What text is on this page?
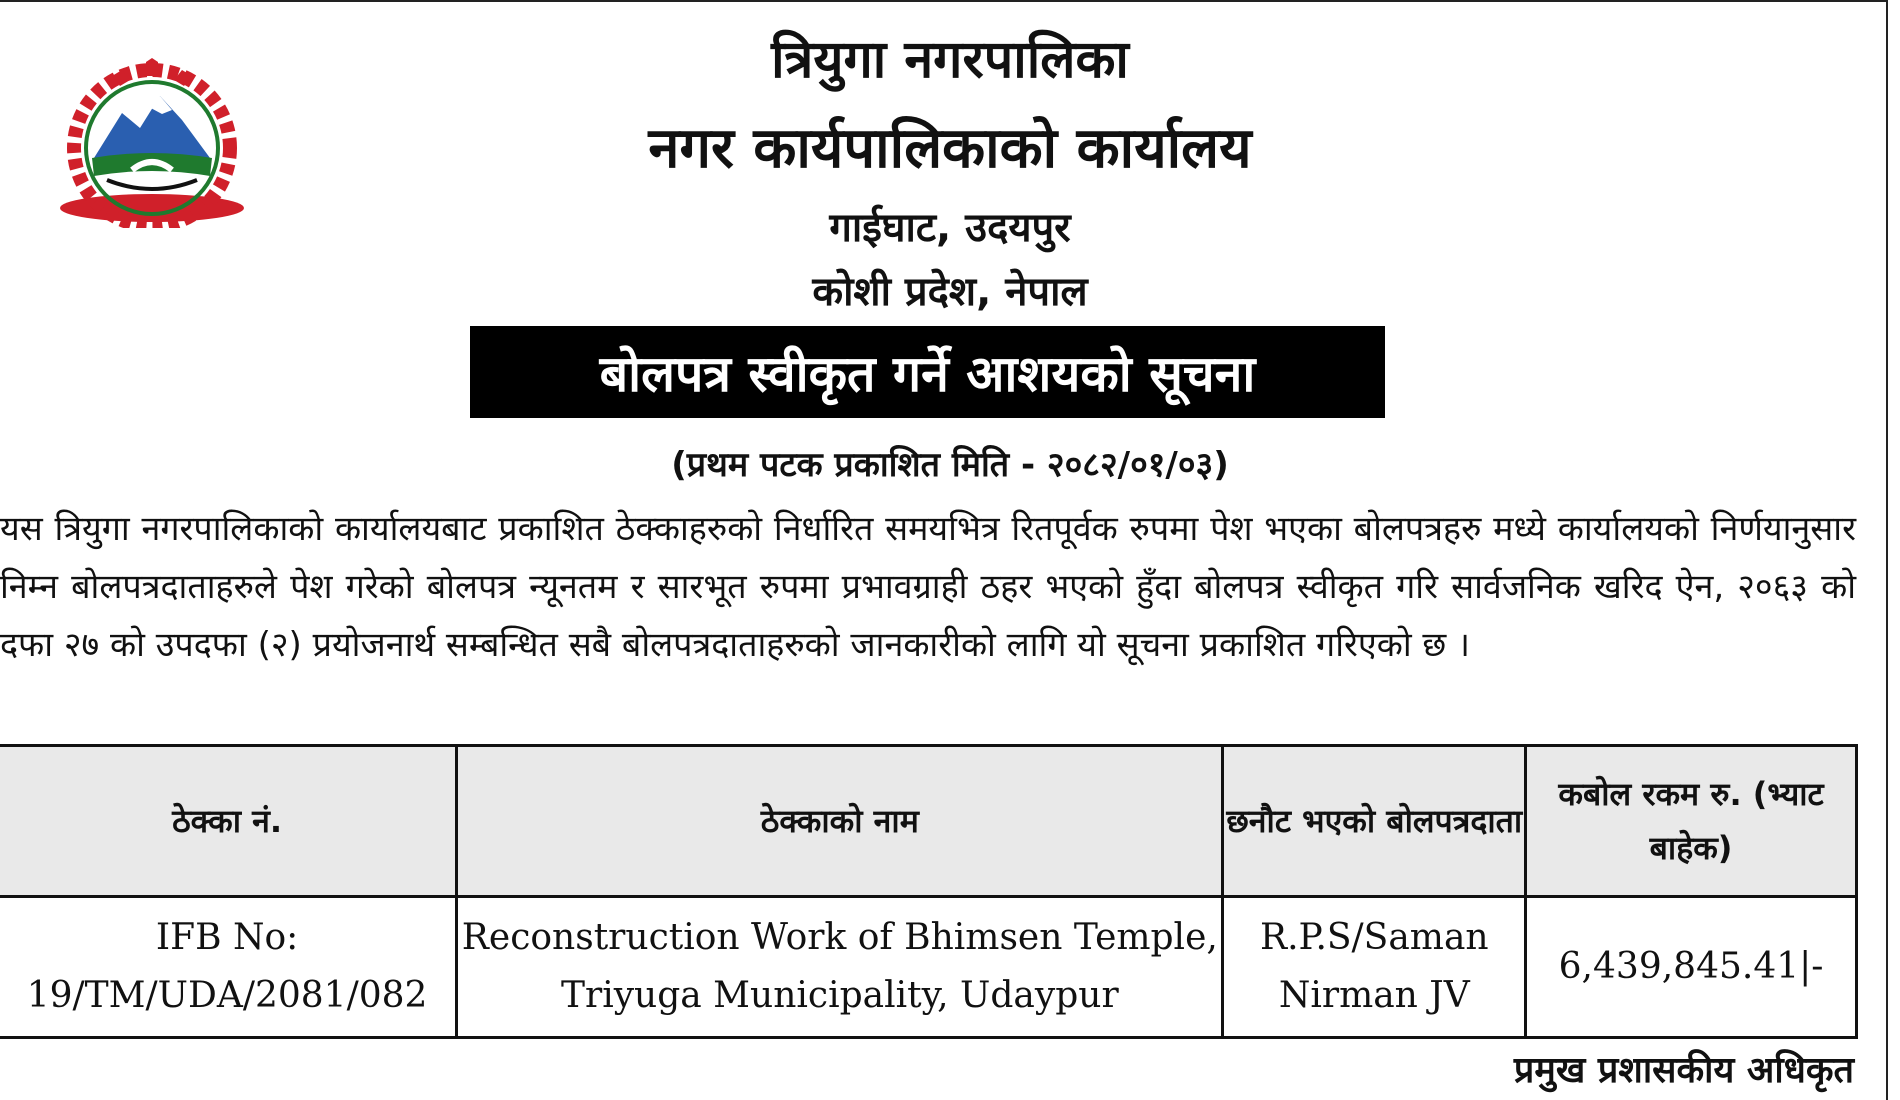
त्रियुगा नगरपालिका
नगर कार्यपालिकाको कार्यालय
गाईघाट, उदयपुर
कोशी प्रदेश, नेपाल
बोलपत्र स्वीकृत गर्ने आशयको सूचना
(प्रथम पटक प्रकाशित मिति - २०८२/०१/०३)
यस त्रियुगा नगरपालिकाको कार्यालयबाट प्रकाशित ठेक्काहरुको निर्धारित समयभित्र रितपूर्वक रुपमा पेश भएका बोलपत्रहरु मध्ये कार्यालयको निर्णयानुसार निम्न बोलपत्रदाताहरुले पेश गरेको बोलपत्र न्यूनतम र सारभूत रुपमा प्रभावग्राही ठहर भएको हुँदा बोलपत्र स्वीकृत गरि सार्वजनिक खरिद ऐन, २०६३ को दफा २७ को उपदफा (२) प्रयोजनार्थ सम्बन्धित सबै बोलपत्रदाताहरुको जानकारीको लागि यो सूचना प्रकाशित गरिएको छ ।
ठेक्का नं.	ठेक्काको नाम	छनौट भएको बोलपत्रदाता	कबोल रकम रु. (भ्याट बाहेक)
IFB No: 19/TM/UDA/2081/082	Reconstruction Work of Bhimsen Temple, Triyuga Municipality, Udaypur	R.P.S/Saman Nirman JV	6,439,845.41|-
प्रमुख प्रशासकीय अधिकृत
